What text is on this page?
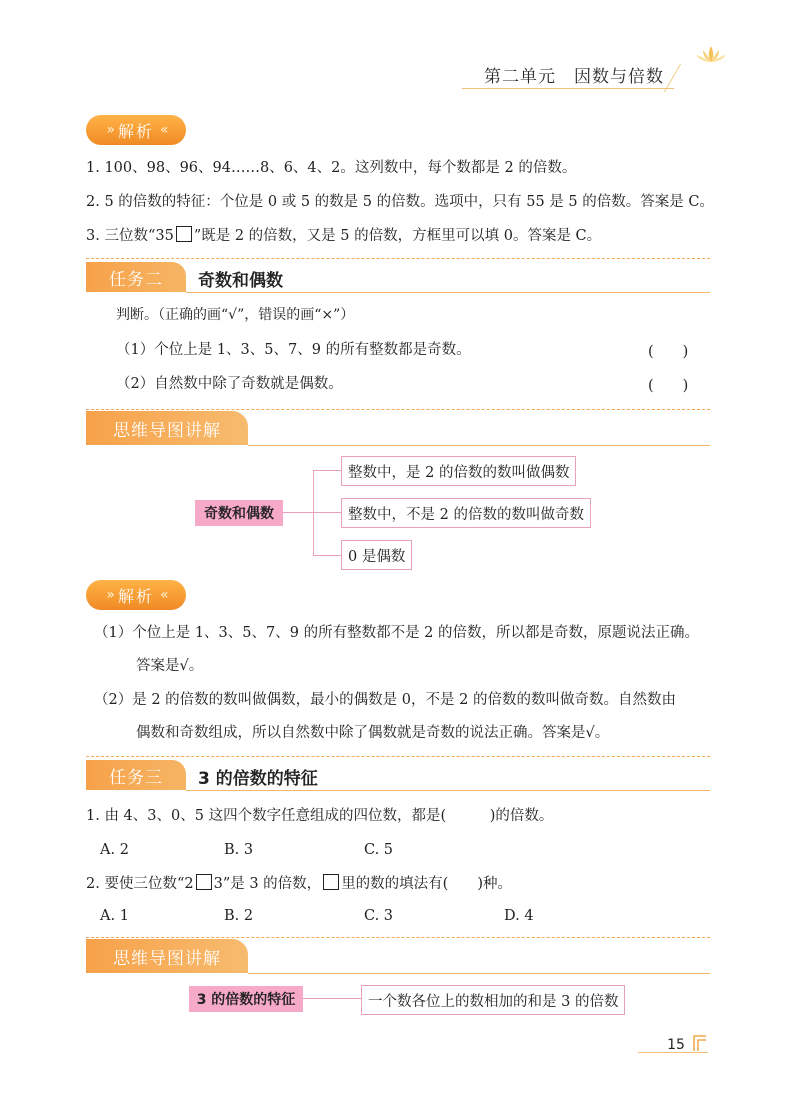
第二单元　因数与倍数
» 解析 «
1. 100、98、96、94……8、6、4、2。这列数中，每个数都是 2 的倍数。
2. 5 的倍数的特征：个位是 0 或 5 的数是 5 的倍数。选项中，只有 55 是 5 的倍数。答案是 C。
3. 三位数“35 ”既是 2 的倍数，又是 5 的倍数，方框里可以填 0。答案是 C。
任务二	奇数和偶数
判断。（正确的画“√”，错误的画“×”）
（1）个位上是 1、3、5、7、9 的所有整数都是奇数。	(　　)
（2）自然数中除了奇数就是偶数。	(　　)
思维导图讲解
奇数和偶数
整数中，是 2 的倍数的数叫做偶数
整数中，不是 2 的倍数的数叫做奇数
0 是偶数
» 解析 «
（1）个位上是 1、3、5、7、9 的所有整数都不是 2 的倍数，所以都是奇数，原题说法正确。
答案是√。
（2）是 2 的倍数的数叫做偶数，最小的偶数是 0，不是 2 的倍数的数叫做奇数。自然数由
偶数和奇数组成，所以自然数中除了偶数就是奇数的说法正确。答案是√。
任务三	3 的倍数的特征
1. 由 4、3、0、5 这四个数字任意组成的四位数，都是(　　　)的倍数。
A. 2	B. 3	C. 5
2. 要使三位数“2 3”是 3 的倍数， 里的数的填法有(　　)种。
A. 1	B. 2	C. 3	D. 4
思维导图讲解
3 的倍数的特征	一个数各位上的数相加的和是 3 的倍数
15
